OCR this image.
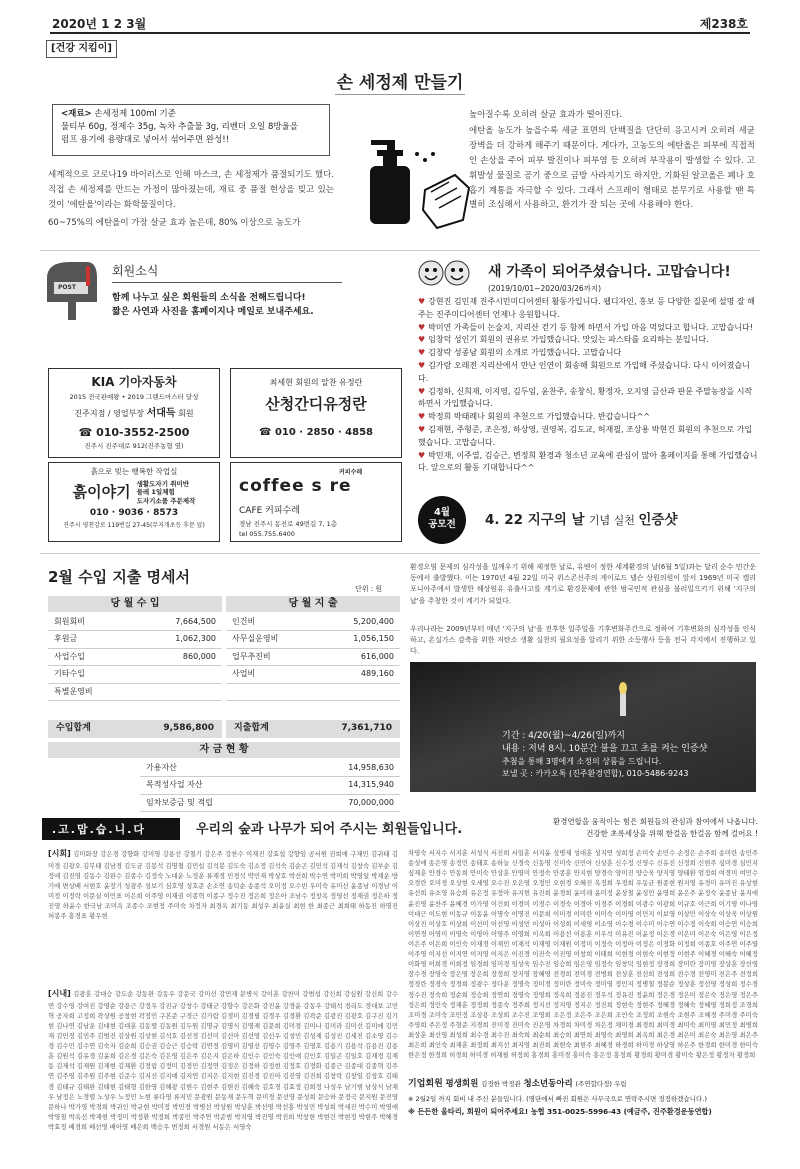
2020년 1 2 3월	제238호
[건강 지킴이]
손 세정제 만들기
<재료> 손세정제 100ml 기준
물티부 60g, 정제수 35g, 녹차 추출물 3g, 리벤더 오일 8방울을
펌프 용기에 용량대로 넣어서 섞어주면 완성!!
세계적으로 코로나19 바이러스로 인해 마스크, 손 세정제가 품절되기도 했다. 직접 손 세정제를 만드는 가정이 많아졌는데, 재료 중 품절 현상을 빚고 있는 것이 '에탄올'이라는 화학물질이다.
60~75%의 에탄올이 가장 살균 효과 높은데, 80% 이상으로 농도가
높아질수록 오히려 살균 효과가 떨어진다.
에탄올 농도가 높을수록 세균 표면의 단백질을 단단히 응고시켜 오히려 세균 장벽을 더 강하게 해주기 때문이다. 게다가, 고농도의 에탄올은 피부에 직접적인 손상을 주어 피부 발진이나 피부염 등 오히려 부작용이 발생할 수 있다. 고 휘발성 물질로 공기 중으로 금방 사라지기도 하지만, 기화된 알코올은 폐나 호흡기 계통을 자극할 수 있다. 그래서 스프레이 형태로 분무기로 사용할 땐 특별히 조심해서 사용하고, 환기가 잘 되는 곳에 사용해야 한다.
POST
회원소식
함께 나누고 싶은 회원들의 소식을 전해드립니다!
짧은 사연과 사진을 홈페이지나 메일로 보내주세요.
새 가족이 되어주셨습니다. 고맙습니다!
(2019/10/01~2020/03/26까지)
♥ 강현진 김민재 진주시민미디어센터 활동가입니다. 웹디자인, 홍보 등 다양한 질문에 설명 잘 해주는 진주미디어센터 언제나 응원합니다.
♥ 박미연 가족들이 논술지, 지리산 걷기 등 함께 하면서 가입 마음 먹었다고 합니다. 고맙습니다!
♥ 임창덕 성인기 회원의 권유로 가입했습니다. 맛있는 파스타를 요리하는 분입니다.
♥ 김창락 성종남 회원의 소개로 가입했습니다. 고맙습니다
♥ 김가람 오래전 지리산에서 만난 인연이 회송해 회원으로 가입해 주셨습니다. 다시 이어졌습니다.
♥ 김정하, 신희재, 이지영, 김두임, 윤찬주, 송창식, 황정자, 오지영 금산과 판문 주말농장을 시작하면서 가입했습니다.
♥ 박정희 박태례나 회원의 추천으로 가입했습니다. 반갑습니다^^
♥ 김재현, 주형준, 조은정, 하상영, 권영복, 김도교, 허재필, 조상용 박현건 회원의 추천으로 가입했습니다. 고맙습니다.
♥ 박민재, 이주열, 김승근, 변정희 환경과 청소년 교육에 관심이 많아 홈페이지를 통해 가입했습니다. 앞으로의 활동 기대합니다^^
KIA 기아자동차
2015 전국판매왕 • 2019 그랜드마스터 달성
진주지점 / 영업부장 서대득 회원
☎ 010-3552-2500
진주시 진주대로 912(진주농협 옆)
최세현 회원의 알찬 유정란
산청간디유정란
☎ 010 · 2850 · 4858
흙으로 빚는 행복한 작업실
흙이야기 생활도자기 취미반
물레 1일체험
도자기소품 주문제작
010 · 9036 · 8573
진주시 영천강로 119번길 27-45(무지개초등 후문 앞)
커피수레
coffee s re
CAFE 커피수레
경남 진주시 동진로 49번길 7, 1층
tel 055.755.6400
4월
공모전	4. 22 지구의 날 기념 실천 인증샷
환경오염 문제의 심각성을 일깨우기 위해 제정한 날로, 유엔이 정한 세계환경의 날(6월 5일)과는 달리 순수 민간운동에서 출발했다. 이는 1970년 4월 22일 미국 위스콘신주의 게이로드 넬슨 상원의원이 앞서 1969년 미국 캘리포니아주에서 발생한 해상원유 유출사고를 계기로 환경문제에 관한 범국민적 관심을 불러일으키기 위해 '지구의 날'을 주창한 것이 계기가 되었다.
우리나라는 2009년부터 매년 '지구의 날'을 전후한 일주일을 기후변화주간으로 정하여 기후변화의 심각성을 인식하고, 온실가스 감축을 위한 저탄소 생활 실천의 필요성을 알리기 위한 소등행사 등을 전국 각지에서 진행하고 있다.
기간 : 4/20(월)~4/26(일)까지
내용 : 저녁 8시, 10분간 불을 끄고 초를 켜는 인증샷
추첨을 통해 3명에게 소정의 상품을 드립니다.
보낼 곳 : 카카오톡 (진주환경연합), 010-5486-9243
2월 수입 지출 명세서
단위 : 원
당 월 수 입	당 월 지 출
회원회비	7,664,500
후원금	1,062,300
사업수입	860,000
기타수입	
특별운영비	
인건비	5,200,400
사무실운영비	1,056,150
업무추진비	616,000
사업비	489,160

수입합계	9,586,800 지출합계	7,361,710
자 금 현 황
가용자산	14,958,630
목적성사업 자산	14,315,940
임차보증금 및 적립	70,000,000
.고.맙.습.니.다	우리의 숲과 나무가 되어 주시는 회원들입니다.
환경연합을 움직이는 힘은 회원들의 관심과 참여에서 나옵니다.
건강한 초록세상을 위해 한걸음 한걸음 함께 걸어요 !
[시회] 김미화장 강은경 강향화 강미영 강용선 강철기 강은주 강찬수 이재진 강효섭 강향임 공서원 권희애 구재민 김귀태 김미경 김광오 김무태 김남경 김도균 김봉석 김명철 김민섭 김석봉 김도숙 김소정 김석숙 김순곤 김민석 김재석 김창숙 김부순 김정애 김진영 김동수 김판수 김종수 김정숙 노대운 노정운 류재경 민경석 박민재 박상호 박선희 박수연 박미희 박영일 박재운 방기애 변상배 서현호 윤장기 성광주 성보기 심호영 성호준 손소연 송덕순 송종석 오미정 오수빈 우미숙 유미선 윤종남 이경남 이미정 이정락 이문실 이민표 이은희 이주영 이재권 이종혁 이종구 정수진 정은희 정은아 조남수 정창옥 정영선 정재권 정은하 정진영 하윤수 한국남 조미옥 조종수 조현정 주미숙 차정자 최경옥 최기동 최성우 최윤실 최현 한 최종근 최희태 하동진 하명진 허봉주 홍경표 황우현
[시내] 김광훈 강대승 강도순 강동완 강동우 강문국 강미선 강민재 문병식 강이훈 강찬미 강범섭 강신희 강심원 강신희 강수연 강수영 강여진 강영순 강용근 강정우 강진규 강창수 강태군 강향수 강은화 강진윤 강경윤 강동우 강태석 경리도 경대보 고민혁 공자희 고정희 곽상원 공창현 곽정민 구본준 구경근 김가람 김경미 김경필 김경우 김경환 김곽준 김광진 김광호 김구진 김기현 김나연 김남운 김대현 김대훈 김동렬 김동원 김두원 김명규 김명식 김명재 김문희 김미경 김미나 김미라 김미선 김미애 김민재 김민정 김민주 김범진 김상원 김상현 김석호 김선경 김선미 김선아 김선영 김선우 김성민 김성제 김성진 김세진 김소영 김수경 김수민 김수연 김숙자 김순희 김승권 김승근 김승락 김연정 김영미 김영선 김영수 김영주 김영호 김용기 김용석 김용진 김용훈 김원석 김유경 김윤희 김은경 김은숙 김은영 김은주 김은지 김은하 김인수 김인숙 김인애 김인호 김일곤 김일호 김재경 김재동 김재석 김재원 김재현 김재환 김정림 김정미 김정민 김정연 김정은 김정하 김정현 김정호 김정화 김종근 김종대 김종혁 김주연 김주영 김주원 김주현 김준수 김지선 김지애 김지연 김지은 김지현 김진경 김진아 김진영 김진희 김창락 김창일 김창호 김태경 김태규 김태완 김태현 김태형 김한영 김해광 김현수 김현주 김현진 김혜숙 김호경 김효정 김희정 나성우 남기범 남상식 남재우 남정은 노경렬 노상우 노정민 노현 류다영 류지민 문광원 문동재 문두혁 문미경 문선영 문성희 문승하 문정국 문지원 문진영 문하나 박가영 박경희 박귀인 박규현 박미정 박민경 박병선 박상원 박상훈 박선영 박선홍 박성민 박성희 박세진 박수미 박영애 박영철 박옥선 박재현 박정미 박정환 박정희 박종민 박주연 박준범 박지영 박진영 박진희 박창현 박현건 박현정 박현주 박혜경 박효정 배경희 배선영 배아영 배은희 백승우 변정희 서경원 서동은 서영숙
차영숙 서지수 서지훈 서성식 서진희 서일훈 서지윤 성병제 성대훈 성지연 성희정 손미숙 손민수 손정은 손주희 송미란 송민주 송성애 송은영 송정민 송태호 송하늘 신경숙 신동명 신미숙 신민아 신상훈 신수정 신영수 신유진 신정희 신현주 심미경 심민지 심재훈 안경수 안동희 안미숙 안상훈 안영미 안정숙 안종훈 안지현 양경숙 양미진 양승욱 양지영 양태환 엄정희 여경미 여민수 오경란 오미경 오상현 오세영 오수진 오은영 오정민 오현경 오혜진 옥정희 우경희 우동균 원종현 원지영 유경미 유미진 유상현 유선희 유소영 유승희 유은정 유정아 유지현 유진희 윤경희 윤미래 윤미정 윤상철 윤성민 윤영희 윤은주 윤정숙 윤종남 윤지애 윤진영 윤찬주 윤혜경 이가영 이건희 이경미 이경수 이경숙 이경아 이경주 이경희 이광수 이광희 이규호 이근희 이기영 이나영 이대근 이도현 이동규 이동윤 이명숙 이명진 이문희 이미경 이미란 이미숙 이미영 이민지 이보영 이상민 이상숙 이상욱 이상원 이상진 이상호 이상희 이선미 이선영 이성민 이성아 이성희 이세영 이소영 이수경 이수미 이수연 이수정 이숙희 이승연 이승희 이연경 이영미 이영숙 이영아 이영주 이영희 이옥희 이용선 이용훈 이우석 이유진 이윤정 이은경 이은미 이은숙 이은영 이은정 이은주 이은희 이인숙 이재경 이재민 이재석 이재영 이재원 이정미 이정숙 이정아 이정은 이정화 이정희 이종호 이주연 이주열 이주영 이지선 이지연 이지영 이지은 이진경 이진숙 이진영 이창희 이태희 이현경 이현숙 이현정 이현주 이혜경 이혜숙 이혜정 이화영 이희경 이희정 임경희 임미경 임상욱 임수진 임승희 임은영 임정숙 임창덕 임현정 장경희 장미란 장미영 장상훈 장선영 장수경 장영숙 장은영 장은희 장정희 장지영 장혜영 전경희 전미경 전병희 전상훈 전선희 전성희 전수경 전영미 전은주 전정희 정경란 정경숙 정경희 정광수 정다운 정명숙 정미경 정미란 정미숙 정미영 정민지 정병철 정봉순 정상훈 정선영 정성희 정수경 정수진 정숙희 정순희 정승희 정연희 정영숙 정영희 정옥희 정용진 정우석 정유진 정윤희 정은경 정은미 정은숙 정은영 정은주 정은희 정인숙 정재훈 정정희 정종숙 정주희 정지선 정지영 정지은 정진희 정현숙 정현주 정혜경 정혜숙 정혜영 정희정 조경희 조미경 조미숙 조민정 조상용 조성희 조수진 조영희 조은정 조은주 조은희 조인숙 조정희 조현숙 조현주 조혜경 주미경 주미숙 주영희 주은정 주형준 지경희 진미경 진미숙 진은영 차경희 차미경 차은정 채미경 최경희 최미경 최미숙 최미영 최민정 최병희 최상훈 최선영 최성희 최수경 최수진 최숙희 최순희 최승희 최연희 최영숙 최영희 최옥희 최은경 최은미 최은숙 최은영 최은주 최은희 최인숙 최재훈 최정희 최지선 최지영 최진희 최현숙 최현주 최혜경 하경희 하미경 하상영 하은주 한경희 한미경 한미숙 한은정 한정희 허경희 허미경 허재필 허정희 홍경희 홍미경 홍미숙 홍은정 홍정희 황경희 황미경 황미숙 황은정 황정자 황정희
기업회원 평생회원 김정한 박정관 청소년동아리 (주연합다정) 우림
※ 2월2일 까지 회비 내 주신 분들입니다. (명단에서 빠진 회원은 사무국으로 연락주시면 정정하겠습니다.)
※ 든든한 울타리, 회원이 되어주세요! 농협 351-0025-5996-43 (예금주, 진주환경운동연합)
